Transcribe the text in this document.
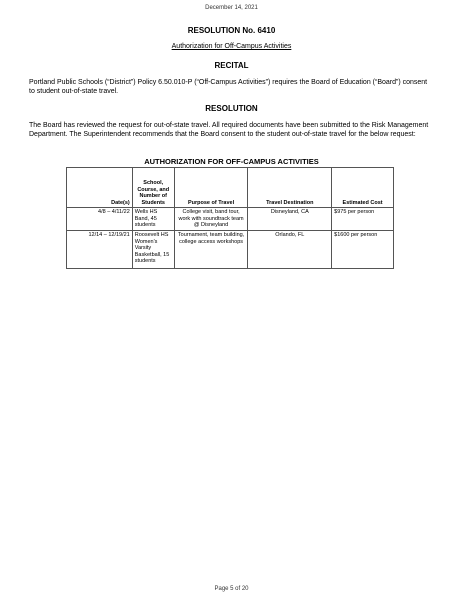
December 14, 2021
RESOLUTION No. 6410
Authorization for Off-Campus Activities
RECITAL
Portland Public Schools (“District”) Policy 6.50.010-P (“Off-Campus Activities”) requires the Board of Education (“Board”) consent to student out-of-state travel.
RESOLUTION
The Board has reviewed the request for out-of-state travel. All required documents have been submitted to the Risk Management Department. The Superintendent recommends that the Board consent to the student out-of-state travel for the below request:
AUTHORIZATION FOR OFF-CAMPUS ACTIVITIES
Date(s)	School, Course, and Number of Students	Purpose of Travel	Travel Destination	Estimated Cost
4/8 – 4/11/22	Wells HS Band, 45 students	College visit, band tour, work with soundtrack team @ Disneyland	Disneyland, CA	$975 per person
12/14 – 12/19/21	Roosevelt HS Women's Varsity Basketball, 15 students	Tournament, team building, college access workshops	Orlando, FL	$1600 per person
Page 5 of 20
